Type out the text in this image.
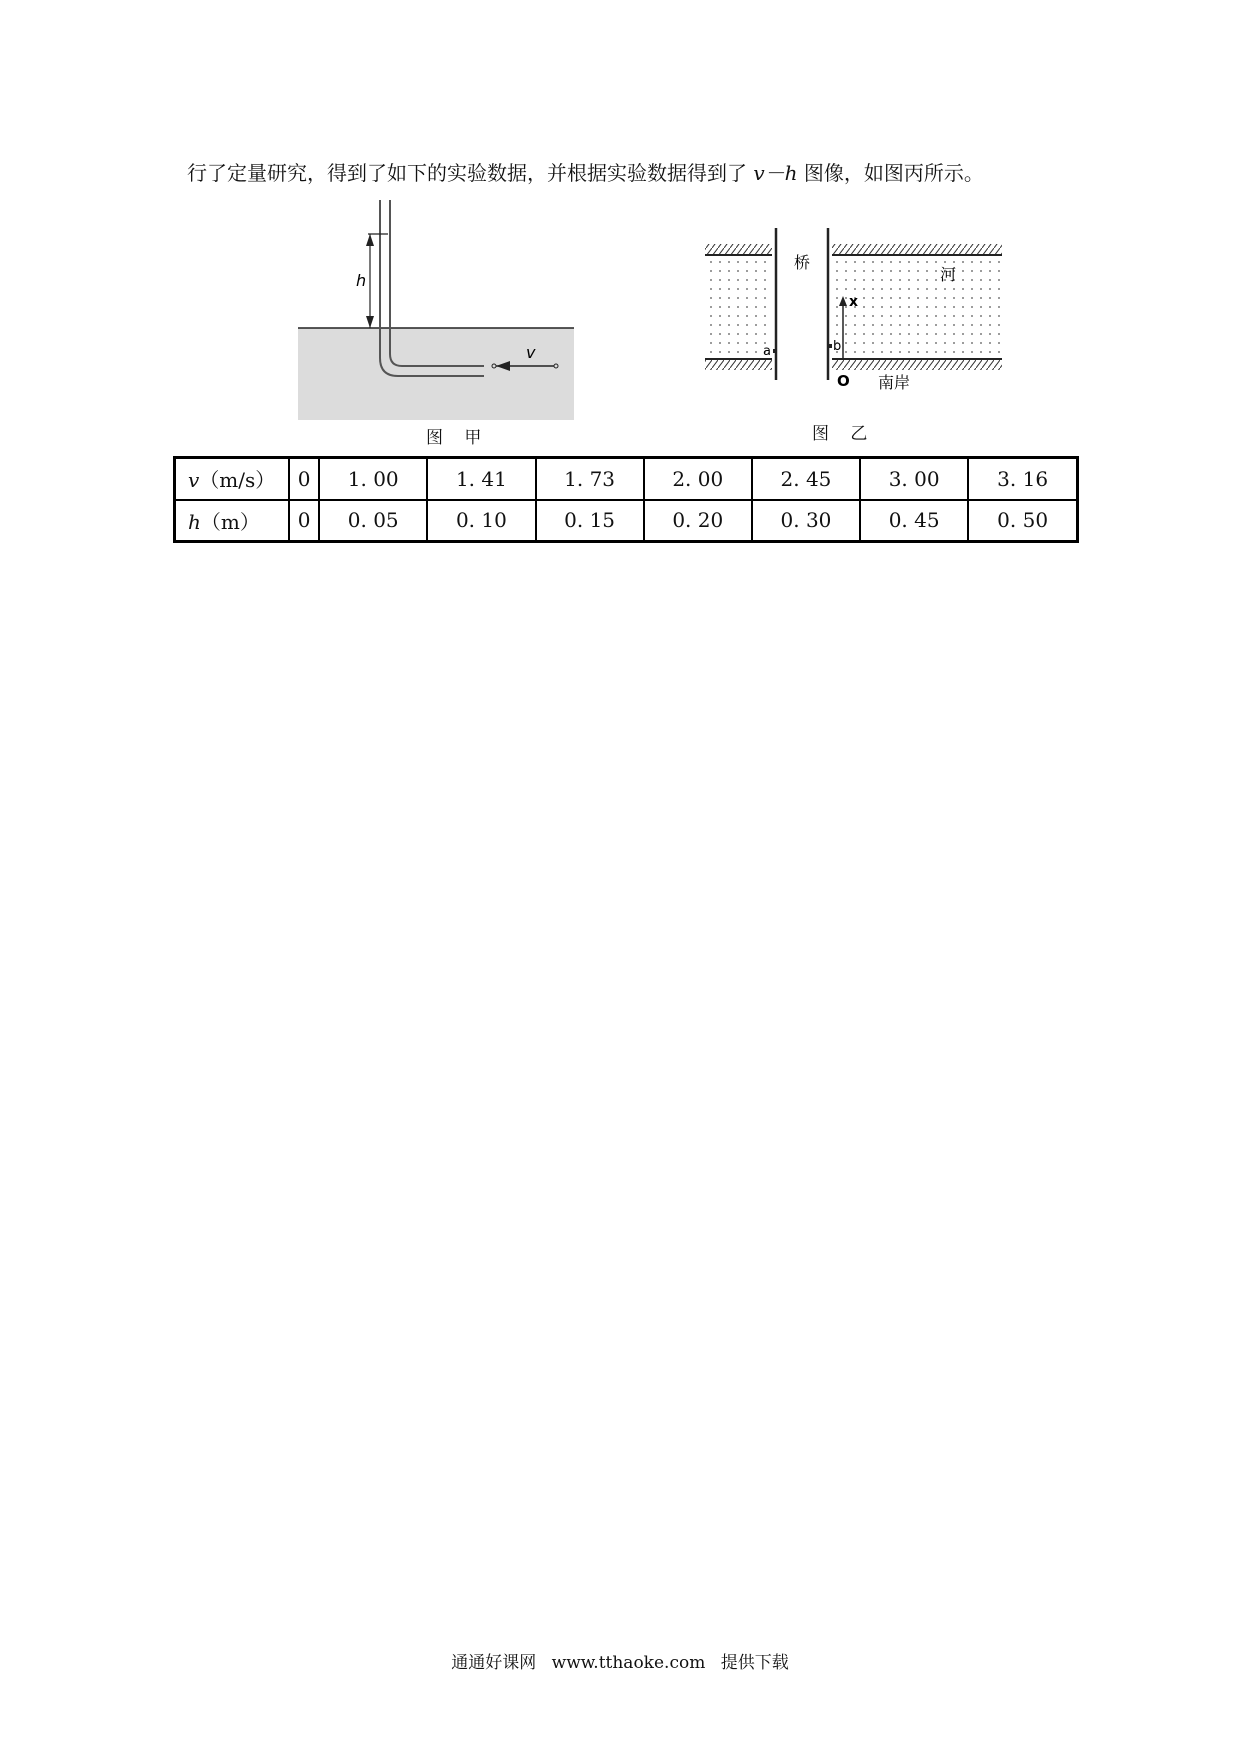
行了定量研究，得到了如下的实验数据，并根据实验数据得到了 v－h 图像，如图丙所示。
h
v
图 甲
桥
河
x
a	b
O 南岸
图 乙
v（m/s）	0	1. 00	1. 41	1. 73	2. 00	2. 45	3. 00	3. 16
h（m）	0	0. 05	0. 10	0. 15	0. 20	0. 30	0. 45	0. 50
通通好课网 www.tthaoke.com 提供下载
